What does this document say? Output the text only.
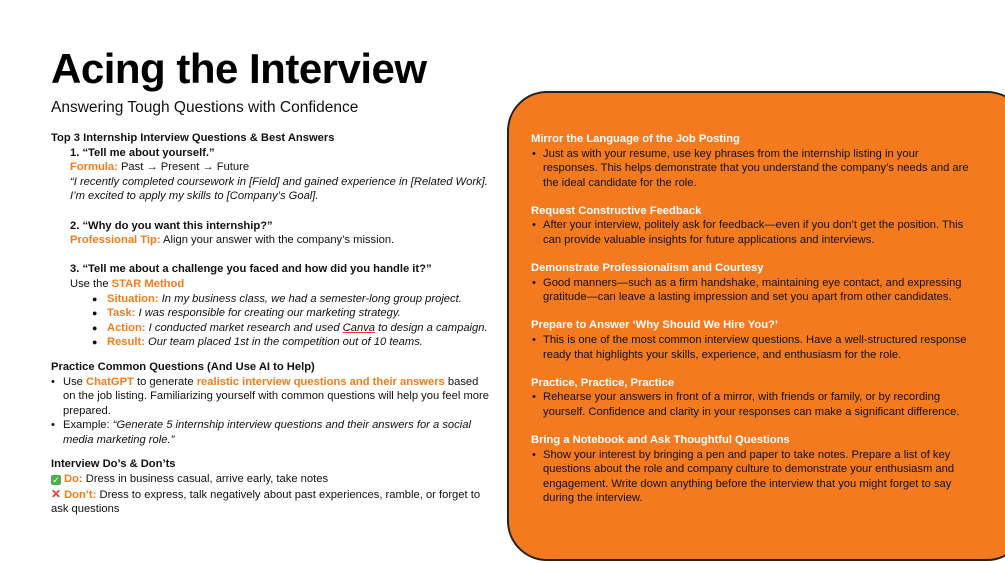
Acing the Interview
Answering Tough Questions with Confidence
Top 3 Internship Interview Questions & Best Answers
1. “Tell me about yourself.”
Formula: Past → Present → Future
“I recently completed coursework in [Field] and gained experience in [Related Work]. I’m excited to apply my skills to [Company’s Goal].
2. “Why do you want this internship?”
Professional Tip: Align your answer with the company’s mission.
3. “Tell me about a challenge you faced and how did you handle it?”
Use the STAR Method
● Situation: In my business class, we had a semester-long group project.
● Task: I was responsible for creating our marketing strategy.
● Action: I conducted market research and used Canva to design a campaign.
● Result: Our team placed 1st in the competition out of 10 teams.
Practice Common Questions (And Use AI to Help)
• Use ChatGPT to generate realistic interview questions and their answers based on the job listing. Familiarizing yourself with common questions will help you feel more prepared.
• Example: “Generate 5 internship interview questions and their answers for a social media marketing role.”
Interview Do’s & Don’ts
✓ Do: Dress in business casual, arrive early, take notes
✕ Don’t: Dress to express, talk negatively about past experiences, ramble, or forget to ask questions
Mirror the Language of the Job Posting
• Just as with your resume, use key phrases from the internship listing in your responses. This helps demonstrate that you understand the company’s needs and are the ideal candidate for the role.
Request Constructive Feedback
• After your interview, politely ask for feedback—even if you don’t get the position. This can provide valuable insights for future applications and interviews.
Demonstrate Professionalism and Courtesy
• Good manners—such as a firm handshake, maintaining eye contact, and expressing gratitude—can leave a lasting impression and set you apart from other candidates.
Prepare to Answer ‘Why Should We Hire You?’
• This is one of the most common interview questions. Have a well-structured response ready that highlights your skills, experience, and enthusiasm for the role.
Practice, Practice, Practice
• Rehearse your answers in front of a mirror, with friends or family, or by recording yourself. Confidence and clarity in your responses can make a significant difference.
Bring a Notebook and Ask Thoughtful Questions
• Show your interest by bringing a pen and paper to take notes. Prepare a list of key questions about the role and company culture to demonstrate your enthusiasm and engagement. Write down anything before the interview that you might forget to say during the interview.
